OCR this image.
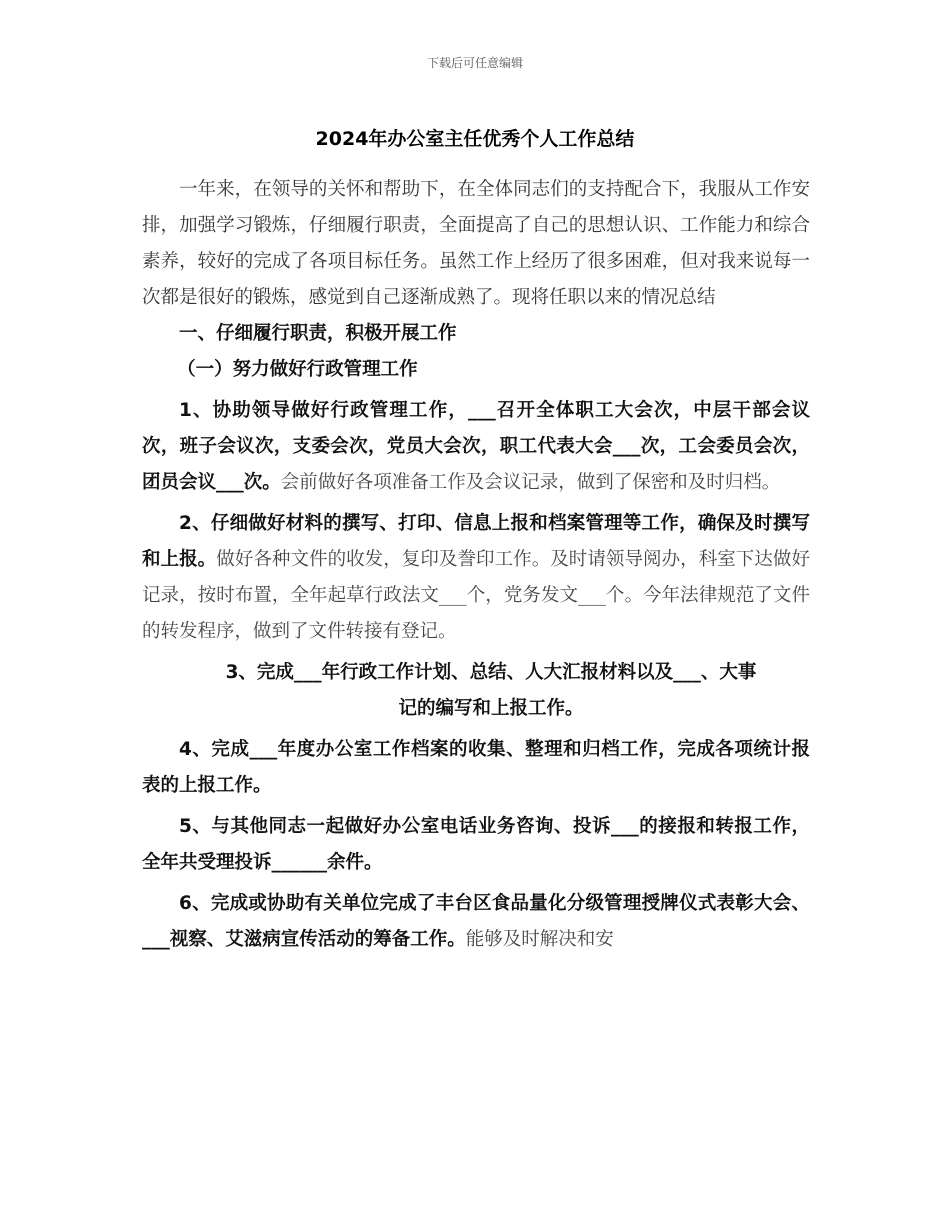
下载后可任意编辑
2024年办公室主任优秀个人工作总结

一年来，在领导的关怀和帮助下，在全体同志们的支持配合下，我服从工作安排，加强学习锻炼，仔细履行职责，全面提高了自己的思想认识、工作能力和综合素养，较好的完成了各项目标任务。虽然工作上经历了很多困难，但对我来说每一次都是很好的锻炼，感觉到自己逐渐成熟了。现将任职以来的情况总结

一、仔细履行职责，积极开展工作

（一）努力做好行政管理工作

1、协助领导做好行政管理工作，___召开全体职工大会次，中层干部会议次，班子会议次，支委会次，党员大会次，职工代表大会___次，工会委员会次，团员会议___次。会前做好各项准备工作及会议记录，做到了保密和及时归档。

2、仔细做好材料的撰写、打印、信息上报和档案管理等工作，确保及时撰写和上报。做好各种文件的收发，复印及誊印工作。及时请领导阅办，科室下达做好记录，按时布置，全年起草行政法文___个，党务发文___个。今年法律规范了文件的转发程序，做到了文件转接有登记。

3、完成___年行政工作计划、总结、人大汇报材料以及___、大事

记的编写和上报工作。

4、完成___年度办公室工作档案的收集、整理和归档工作，完成各项统计报表的上报工作。

5、与其他同志一起做好办公室电话业务咨询、投诉___的接报和转报工作，全年共受理投诉______余件。

6、完成或协助有关单位完成了丰台区食品量化分级管理授牌仪式表彰大会、___视察、艾滋病宣传活动的筹备工作。能够及时解决和安
